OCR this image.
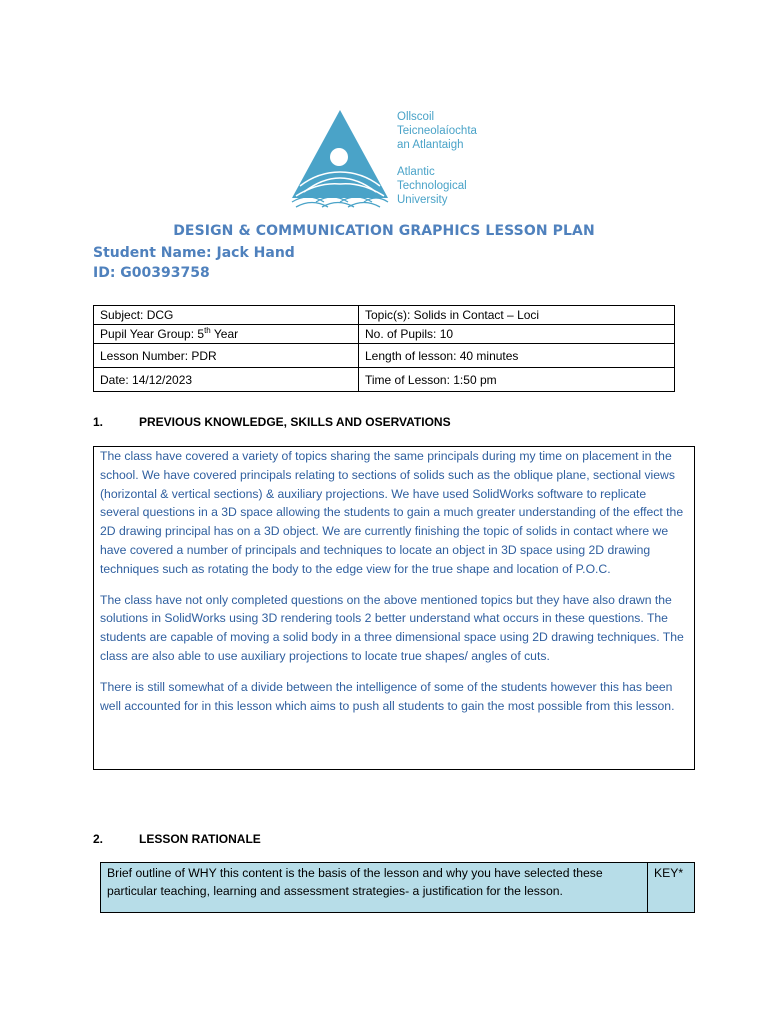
Ollscoil
Teicneolaíochta
an Atlantaigh
Atlantic
Technological
University
DESIGN & COMMUNICATION GRAPHICS LESSON PLAN
Student Name: Jack Hand
ID: G00393758
Subject: DCG	Topic(s): Solids in Contact – Loci
Pupil Year Group: 5th Year	No. of Pupils: 10
Lesson Number: PDR	Length of lesson: 40 minutes
Date: 14/12/2023	Time of Lesson: 1:50 pm
1.	PREVIOUS KNOWLEDGE, SKILLS AND OSERVATIONS

The class have covered a variety of topics sharing the same principals during my time on placement in the school. We have covered principals relating to sections of solids such as the oblique plane, sectional views (horizontal & vertical sections) & auxiliary projections. We have used SolidWorks software to replicate several questions in a 3D space allowing the students to gain a much greater understanding of the effect the 2D drawing principal has on a 3D object. We are currently finishing the topic of solids in contact where we have covered a number of principals and techniques to locate an object in 3D space using 2D drawing techniques such as rotating the body to the edge view for the true shape and location of P.O.C.

The class have not only completed questions on the above mentioned topics but they have also drawn the solutions in SolidWorks using 3D rendering tools 2 better understand what occurs in these questions. The students are capable of moving a solid body in a three dimensional space using 2D drawing techniques. The class are also able to use auxiliary projections to locate true shapes/ angles of cuts.

There is still somewhat of a divide between the intelligence of some of the students however this has been well accounted for in this lesson which aims to push all students to gain the most possible from this lesson.

2.	LESSON RATIONALE
Brief outline of WHY this content is the basis of the lesson and why you have selected these particular teaching, learning and assessment strategies- a justification for the lesson.	KEY*
